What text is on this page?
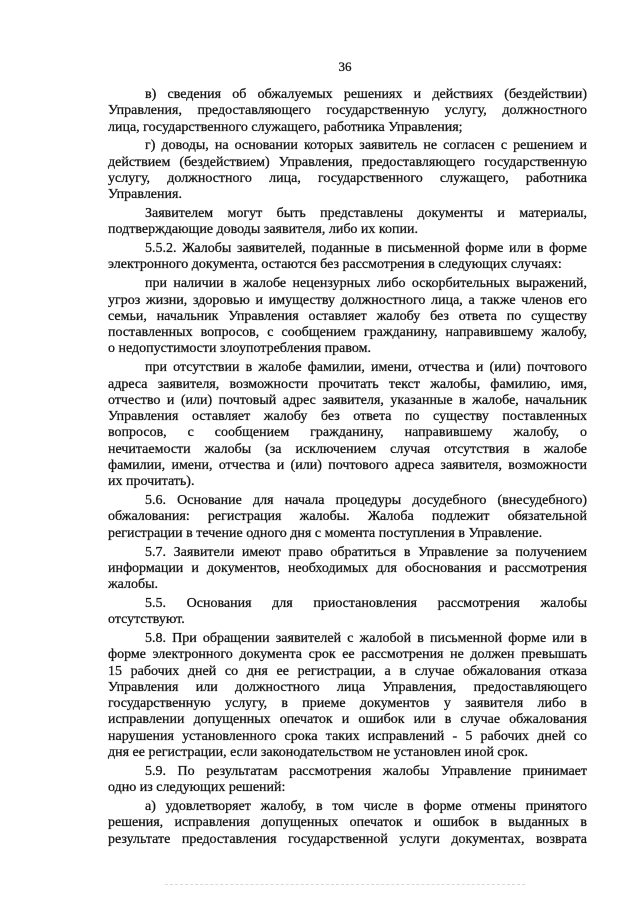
36
в) сведения об обжалуемых решениях и действиях (бездействии)
Управления, предоставляющего государственную услугу, должностного
лица, государственного служащего, работника Управления;
г) доводы, на основании которых заявитель не согласен с решением и
действием (бездействием) Управления, предоставляющего государственную
услугу, должностного лица, государственного служащего, работника
Управления.
Заявителем могут быть представлены документы и материалы,
подтверждающие доводы заявителя, либо их копии.
5.5.2. Жалобы заявителей, поданные в письменной форме или в форме
электронного документа, остаются без рассмотрения в следующих случаях:
при наличии в жалобе нецензурных либо оскорбительных выражений,
угроз жизни, здоровью и имуществу должностного лица, а также членов его
семьи, начальник Управления оставляет жалобу без ответа по существу
поставленных вопросов, с сообщением гражданину, направившему жалобу,
о недопустимости злоупотребления правом.
при отсутствии в жалобе фамилии, имени, отчества и (или) почтового
адреса заявителя, возможности прочитать текст жалобы, фамилию, имя,
отчество и (или) почтовый адрес заявителя, указанные в жалобе, начальник
Управления оставляет жалобу без ответа по существу поставленных
вопросов, с сообщением гражданину, направившему жалобу, о
нечитаемости жалобы (за исключением случая отсутствия в жалобе
фамилии, имени, отчества и (или) почтового адреса заявителя, возможности
их прочитать).
5.6. Основание для начала процедуры досудебного (внесудебного)
обжалования: регистрация жалобы. Жалоба подлежит обязательной
регистрации в течение одного дня с момента поступления в Управление.
5.7. Заявители имеют право обратиться в Управление за получением
информации и документов, необходимых для обоснования и рассмотрения
жалобы.
5.5. Основания для приостановления рассмотрения жалобы
отсутствуют.
5.8. При обращении заявителей с жалобой в письменной форме или в
форме электронного документа срок ее рассмотрения не должен превышать
15 рабочих дней со дня ее регистрации, а в случае обжалования отказа
Управления или должностного лица Управления, предоставляющего
государственную услугу, в приеме документов у заявителя либо в
исправлении допущенных опечаток и ошибок или в случае обжалования
нарушения установленного срока таких исправлений - 5 рабочих дней со
дня ее регистрации, если законодательством не установлен иной срок.
5.9. По результатам рассмотрения жалобы Управление принимает
одно из следующих решений:
а) удовлетворяет жалобу, в том числе в форме отмены принятого
решения, исправления допущенных опечаток и ошибок в выданных в
результате предоставления государственной услуги документах, возврата
